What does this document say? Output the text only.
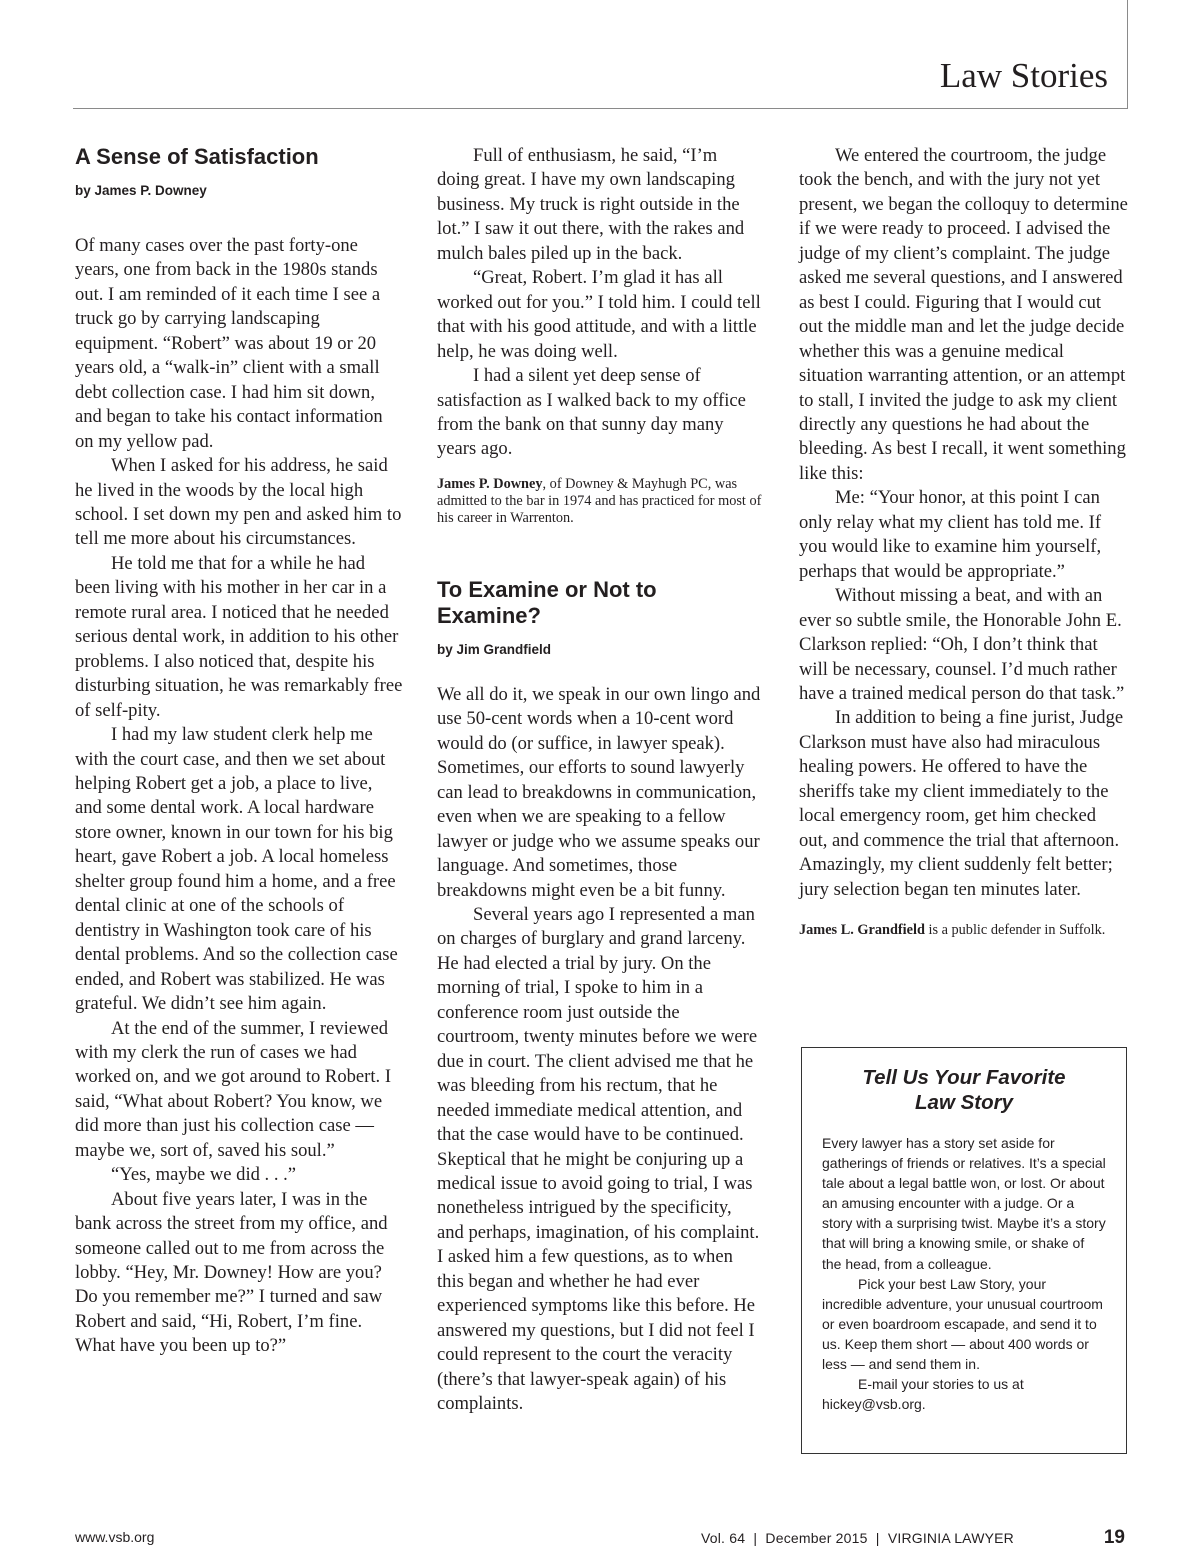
Law Stories
A Sense of Satisfaction
by James P. Downey

Of many cases over the past forty-one years, one from back in the 1980s stands out. I am reminded of it each time I see a truck go by carrying landscaping equipment. “Robert” was about 19 or 20 years old, a “walk-in” client with a small debt collection case. I had him sit down, and began to take his contact information on my yellow pad.

When I asked for his address, he said he lived in the woods by the local high school. I set down my pen and asked him to tell me more about his circumstances.

He told me that for a while he had been living with his mother in her car in a remote rural area. I noticed that he needed serious dental work, in addition to his other problems. I also noticed that, despite his disturbing situation, he was remarkably free of self-pity.

I had my law student clerk help me with the court case, and then we set about helping Robert get a job, a place to live, and some dental work. A local hardware store owner, known in our town for his big heart, gave Robert a job. A local homeless shelter group found him a home, and a free dental clinic at one of the schools of dentistry in Washington took care of his dental problems. And so the collection case ended, and Robert was stabilized. He was grateful. We didn’t see him again.

At the end of the summer, I reviewed with my clerk the run of cases we had worked on, and we got around to Robert. I said, “What about Robert? You know, we did more than just his collection case — maybe we, sort of, saved his soul.”

“Yes, maybe we did . . .”

About five years later, I was in the bank across the street from my office, and someone called out to me from across the lobby. “Hey, Mr. Downey! How are you? Do you remember me?” I turned and saw Robert and said, “Hi, Robert, I’m fine. What have you been up to?”

Full of enthusiasm, he said, “I’m doing great. I have my own landscaping business. My truck is right outside in the lot.” I saw it out there, with the rakes and mulch bales piled up in the back.

“Great, Robert. I’m glad it has all worked out for you.” I told him. I could tell that with his good attitude, and with a little help, he was doing well.

I had a silent yet deep sense of satisfaction as I walked back to my office from the bank on that sunny day many years ago.

James P. Downey, of Downey & Mayhugh PC, was admitted to the bar in 1974 and has practiced for most of his career in Warrenton.

To Examine or Not to Examine?
by Jim Grandfield

We all do it, we speak in our own lingo and use 50-cent words when a 10-cent word would do (or suffice, in lawyer speak). Sometimes, our efforts to sound lawyerly can lead to breakdowns in communication, even when we are speaking to a fellow lawyer or judge who we assume speaks our language. And sometimes, those breakdowns might even be a bit funny.

Several years ago I represented a man on charges of burglary and grand larceny. He had elected a trial by jury. On the morning of trial, I spoke to him in a conference room just outside the courtroom, twenty minutes before we were due in court. The client advised me that he was bleeding from his rectum, that he needed immediate medical attention, and that the case would have to be continued. Skeptical that he might be conjuring up a medical issue to avoid going to trial, I was nonetheless intrigued by the specificity, and perhaps, imagination, of his complaint. I asked him a few questions, as to when this began and whether he had ever experienced symptoms like this before. He answered my questions, but I did not feel I could represent to the court the veracity (there’s that lawyer-speak again) of his complaints.

We entered the courtroom, the judge took the bench, and with the jury not yet present, we began the colloquy to determine if we were ready to proceed. I advised the judge of my client’s complaint. The judge asked me several questions, and I answered as best I could. Figuring that I would cut out the middle man and let the judge decide whether this was a genuine medical situation warranting attention, or an attempt to stall, I invited the judge to ask my client directly any questions he had about the bleeding. As best I recall, it went something like this:

Me: “Your honor, at this point I can only relay what my client has told me. If you would like to examine him yourself, perhaps that would be appropriate.”

Without missing a beat, and with an ever so subtle smile, the Honorable John E. Clarkson replied: “Oh, I don’t think that will be necessary, counsel. I’d much rather have a trained medical person do that task.”

In addition to being a fine jurist, Judge Clarkson must have also had miraculous healing powers. He offered to have the sheriffs take my client immediately to the local emergency room, get him checked out, and commence the trial that afternoon. Amazingly, my client suddenly felt better; jury selection began ten minutes later.

James L. Grandfield is a public defender in Suffolk.

Tell Us Your Favorite
Law Story

Every lawyer has a story set aside for gatherings of friends or relatives. It’s a special tale about a legal battle won, or lost. Or about an amusing encounter with a judge. Or a story with a surprising twist. Maybe it’s a story that will bring a knowing smile, or shake of the head, from a colleague.

Pick your best Law Story, your incredible adventure, your unusual courtroom or even boardroom escapade, and send it to us. Keep them short — about 400 words or less — and send them in.

E-mail your stories to us at hickey@vsb.org.

www.vsb.org	Vol. 64  |  December 2015  |  VIRGINIA LAWYER	19
